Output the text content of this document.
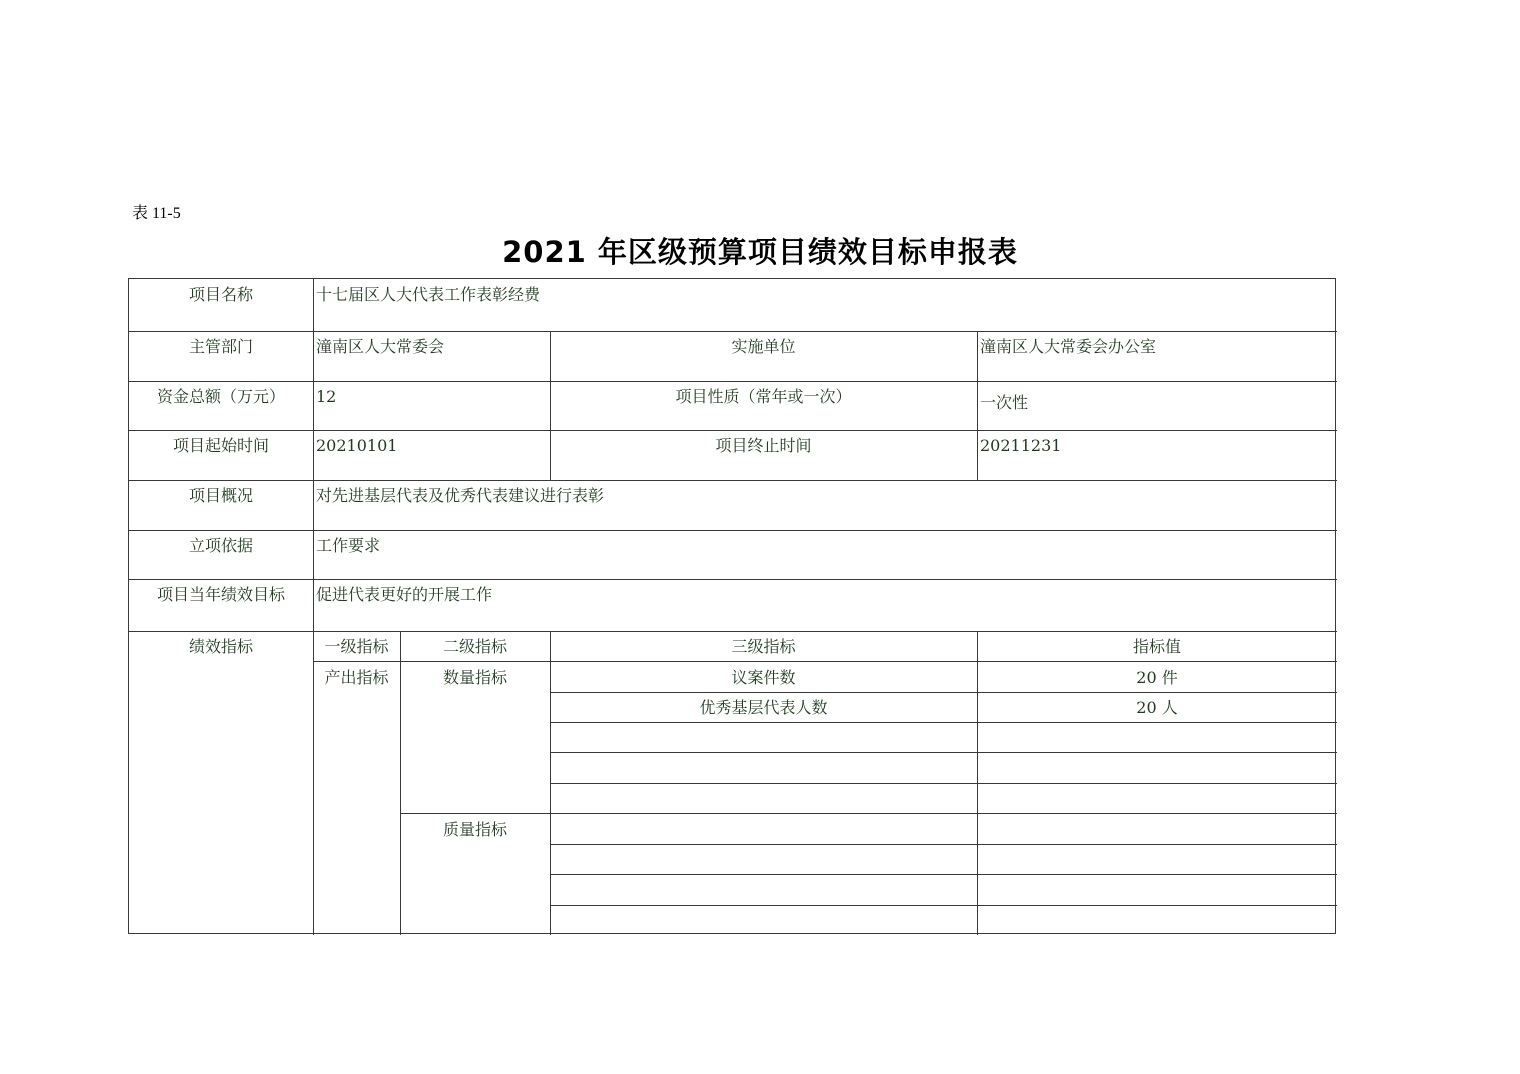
表 11-5
2021 年区级预算项目绩效目标申报表
项目名称	十七届区人大代表工作表彰经费
主管部门	潼南区人大常委会	实施单位	潼南区人大常委会办公室
资金总额（万元）	12	项目性质（常年或一次）	一次性
项目起始时间	20210101	项目终止时间	20211231
项目概况	对先进基层代表及优秀代表建议进行表彰
立项依据	工作要求
项目当年绩效目标	促进代表更好的开展工作
绩效指标	一级指标	二级指标	三级指标	指标值
产出指标	数量指标	议案件数	20 件
优秀基层代表人数	20 人
质量指标
